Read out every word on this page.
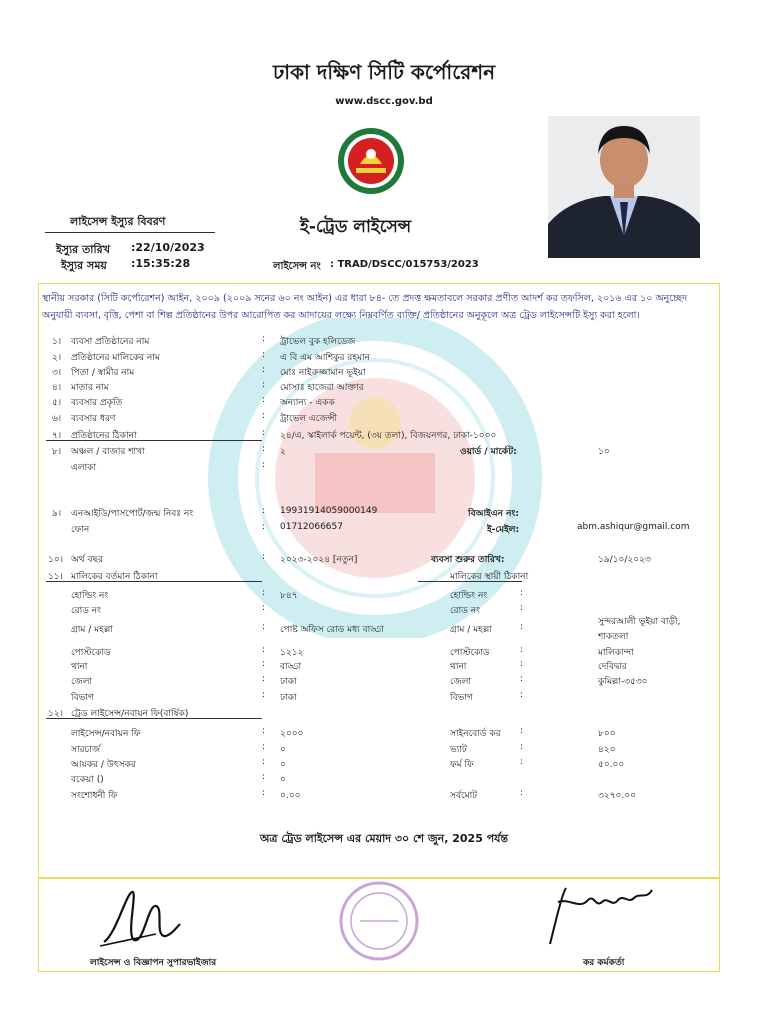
ঢাকা দক্ষিণ সিটি কর্পোরেশন
www.dscc.gov.bd
লাইসেন্স ইস্যুর বিবরণ
ইস্যুর তারিখ :22/10/2023
ইস্যুর সময় :15:35:28
ই-ট্রেড লাইসেন্স
লাইসেন্স নং : TRAD/DSCC/015753/2023
স্থানীয় সরকার (সিটি কর্পোরেশন) আইন, ২০০৯ (২০০৯ সনের ৬০ নং আইন) এর ধারা ৮৪- তে প্রদত্ত ক্ষমতাবলে সরকার প্রণীত আদর্শ কর তফসিল, ২০১৬ এর ১০ অনুচ্ছেদ অনুযায়ী ব্যবসা, বৃত্তি, পেশা বা শিল্প প্রতিষ্ঠানের উপর আরোপিত কর আদায়ের লক্ষ্যে নিম্নবর্ণিত ব্যক্তি/ প্রতিষ্ঠানের অনুকূলে অত্র ট্রেড লাইসেন্সটি ইস্যু করা হলো।
৮। অঞ্চল / বাজার শাখা	: ২	ওয়ার্ড / মার্কেট:	১০
এলাকা	:
৯। এনআইডি/পাসপোর্ট/জন্ম নিবঃ নং	: 19931914059000149	বিআইএন নং:
ফোন	: 01712066657	ই-মেইল:	abm.ashiqur@gmail.com
১০। অর্থ বছর	: ২০২৩-২০২৪ [নতুন]	ব্যবসা শুরুর তারিখ:	১৯/১০/২০২৩
১১। মালিকের বর্তমান ঠিকানা	মালিকের স্থায়ী ঠিকানা
১২। ট্রেড লাইসেন্স/নবায়ন ফি(বার্ষিক)
অত্র ট্রেড লাইসেন্স এর মেয়াদ ৩০ শে জুন, 2025 পর্যন্ত
লাইসেন্স ও বিজ্ঞাপন সুপারভাইজার	কর কর্মকর্তা
১। ব্যবসা প্রতিষ্ঠানের নাম	: ট্রাভেল বুক হলিডেজ
২। প্রতিষ্ঠানের মালিকের নাম	: এ বি এম আশিকুর রহমান
৩। পিতা / স্বামীর নাম	: মোঃ নাইরুজ্জামান ভূইয়া
৪। মাতার নাম	: মোসাঃ হাজেরা আক্তার
৫। ব্যবসার প্রকৃতি	: অন্যান্য - একক
৬। ব্যবসার ধরণ	: ট্রাভেল এজেন্সী
৭। প্রতিষ্ঠানের ঠিকানা	: ২৪/এ, স্কাইলার্ক পয়েন্ট, (৩য় তলা), বিজয়নগর, ঢাকা-১০০০
হোল্ডিং নং	: ৮৪৭	হোল্ডিং নং	:
রোড নং	:	রোড নং	:
গ্রাম / মহল্লা	: পোষ্ট অফিস রোড মধ্য বাড্ডা	গ্রাম / মহল্লা	:	সুন্দরআলী ভূইয়া বাড়ী,
শাকতলা
পোস্টকোড	: ১২১২	পোস্টকোড	:	মালিকান্দা
থানা	: বাড্ডা	থানা	:	দেবিদ্বার
জেলা	: ঢাকা	জেলা	:	কুমিল্লা-৩৫৩০
বিভাগ	: ঢাকা	বিভাগ	:
লাইসেন্স/নবায়ন ফি	: ২০০০	সাইনবোর্ড কর :	৮০০
সারচার্জ	: ০	ভ্যাট	:	৪২০
আয়কর / উৎসকর	: ০	ফর্ম ফি	:	৫০.০০
বকেয়া ()	: ০
সংশোধনী ফি	: ০.০০	সর্বমোট	:	৩২৭০.০০
